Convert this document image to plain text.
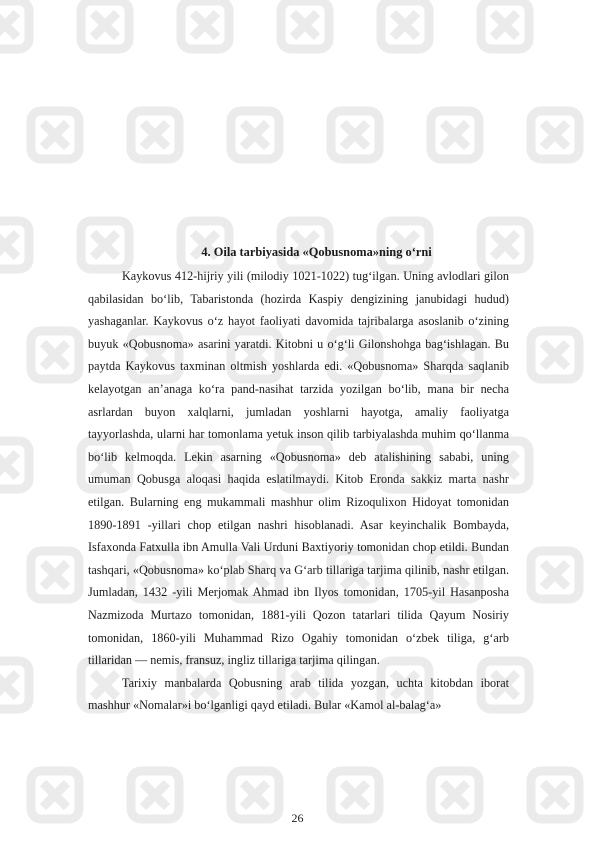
4. Oila tarbiyasida «Qobusnoma»ning o‘rni

Kaykovus 412-hijriy yili (milodiy 1021-1022) tug‘ilgan. Uning avlodlari gilon qabilasidan bo‘lib, Tabaristonda (hozirda Kaspiy dengizining janubidagi hudud) yashaganlar. Kaykovus o‘z hayot faoliyati davomida tajribalarga asoslanib o‘zining buyuk «Qobusnoma» asarini yaratdi. Kitobni u o‘g‘li Gilonshohga bag‘ishlagan. Bu paytda Kaykovus taxminan oltmish yoshlarda edi. «Qobusnoma» Sharqda saqlanib kelayotgan an’anaga ko‘ra pand-nasihat tarzida yozilgan bo‘lib, mana bir necha asrlardan buyon xalqlarni, jumladan yoshlarni hayotga, amaliy faoliyatga tayyorlashda, ularni har tomonlama yetuk inson qilib tarbiyalashda muhim qo‘llanma bo‘lib kelmoqda. Lekin asarning «Qobusnoma» deb atalishining sababi, uning umuman Qobusga aloqasi haqida eslatilmaydi. Kitob Eronda sakkiz marta nashr etilgan. Bularning eng mukammali mashhur olim Rizoqulixon Hidoyat tomonidan 1890-1891 -yillari chop etilgan nashri hisoblanadi. Asar keyinchalik Bombayda, Isfaxonda Fatxulla ibn Amulla Vali Urduni Baxtiyoriy tomonidan chop etildi. Bundan tashqari, «Qobusnoma» ko‘plab Sharq va G‘arb tillariga tarjima qilinib, nashr etilgan. Jumladan, 1432 -yili Merjomak Ahmad ibn Ilyos tomonidan, 1705-yil Hasanposha Nazmizoda Murtazo tomonidan, 1881-yili Qozon tatarlari tilida Qayum Nosiriy tomonidan, 1860-yili Muhammad Rizo Ogahiy tomonidan o‘zbek tiliga, g‘arb tillaridan — nemis, fransuz, ingliz tillariga tarjima qilingan.

Tarixiy manbalarda Qobusning arab tilida yozgan, uchta kitobdan iborat mashhur «Nomalar»i bo‘lganligi qayd etiladi. Bular «Kamol al-balag‘a»

26
